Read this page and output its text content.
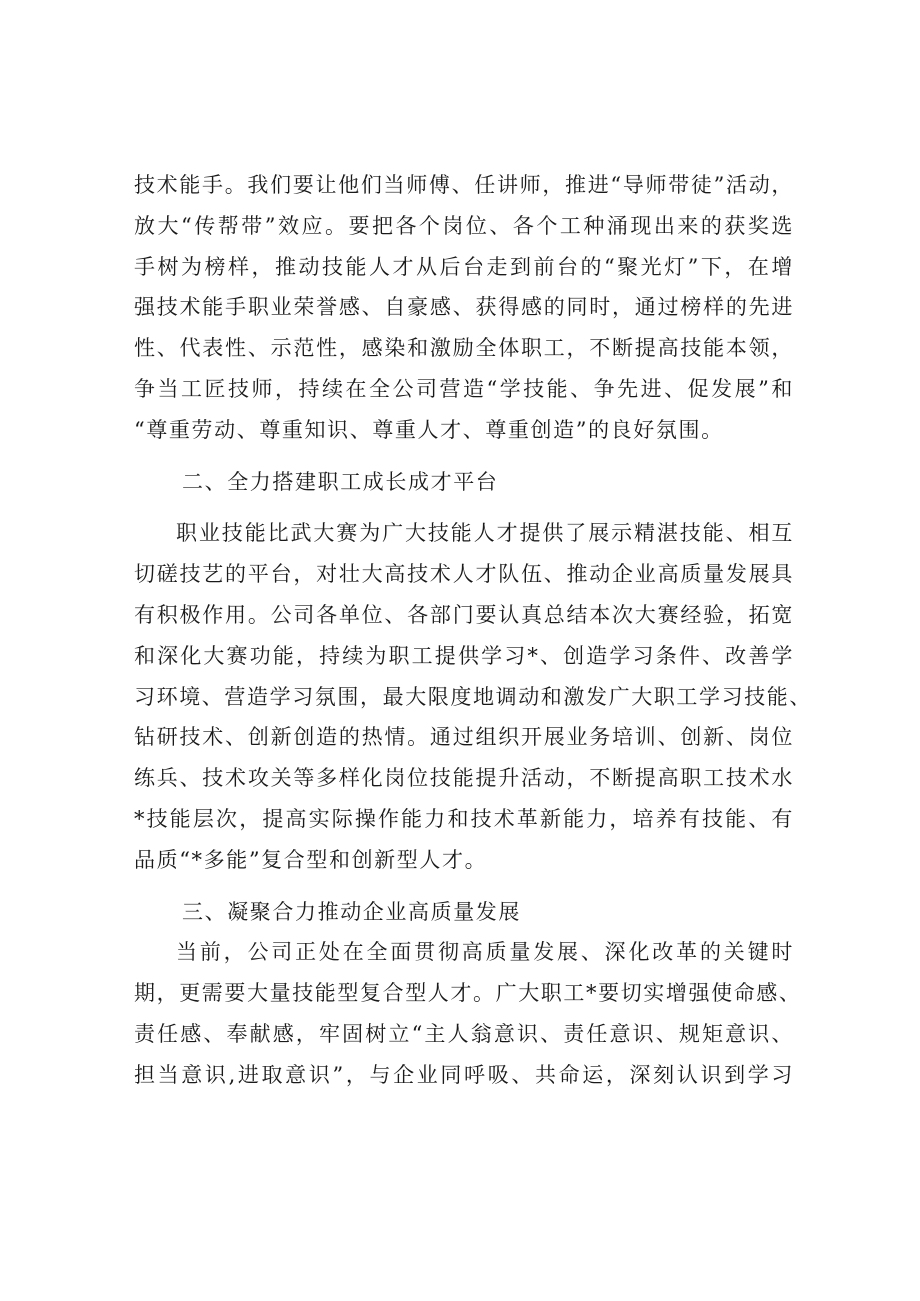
技术能手。我们要让他们当师傅、任讲师，推进“导师带徒”活动，
放大“传帮带”效应。要把各个岗位、各个工种涌现出来的获奖选
手树为榜样，推动技能人才从后台走到前台的“聚光灯”下，在增
强技术能手职业荣誉感、自豪感、获得感的同时，通过榜样的先进
性、代表性、示范性，感染和激励全体职工，不断提高技能本领，
争当工匠技师，持续在全公司营造“学技能、争先进、促发展”和
“尊重劳动、尊重知识、尊重人才、尊重创造”的良好氛围。
二、全力搭建职工成长成才平台
职业技能比武大赛为广大技能人才提供了展示精湛技能、相互
切磋技艺的平台，对壮大高技术人才队伍、推动企业高质量发展具
有积极作用。公司各单位、各部门要认真总结本次大赛经验，拓宽
和深化大赛功能，持续为职工提供学习*、创造学习条件、改善学
习环境、营造学习氛围，最大限度地调动和激发广大职工学习技能、
钻研技术、创新创造的热情。通过组织开展业务培训、创新、岗位
练兵、技术攻关等多样化岗位技能提升活动，不断提高职工技术水
*技能层次，提高实际操作能力和技术革新能力，培养有技能、有
品质“*多能”复合型和创新型人才。
三、凝聚合力推动企业高质量发展
当前，公司正处在全面贯彻高质量发展、深化改革的关键时
期，更需要大量技能型复合型人才。广大职工*要切实增强使命感、
责任感、奉献感，牢固树立“主人翁意识、责任意识、规矩意识、
担当意识,进取意识”，与企业同呼吸、共命运，深刻认识到学习
